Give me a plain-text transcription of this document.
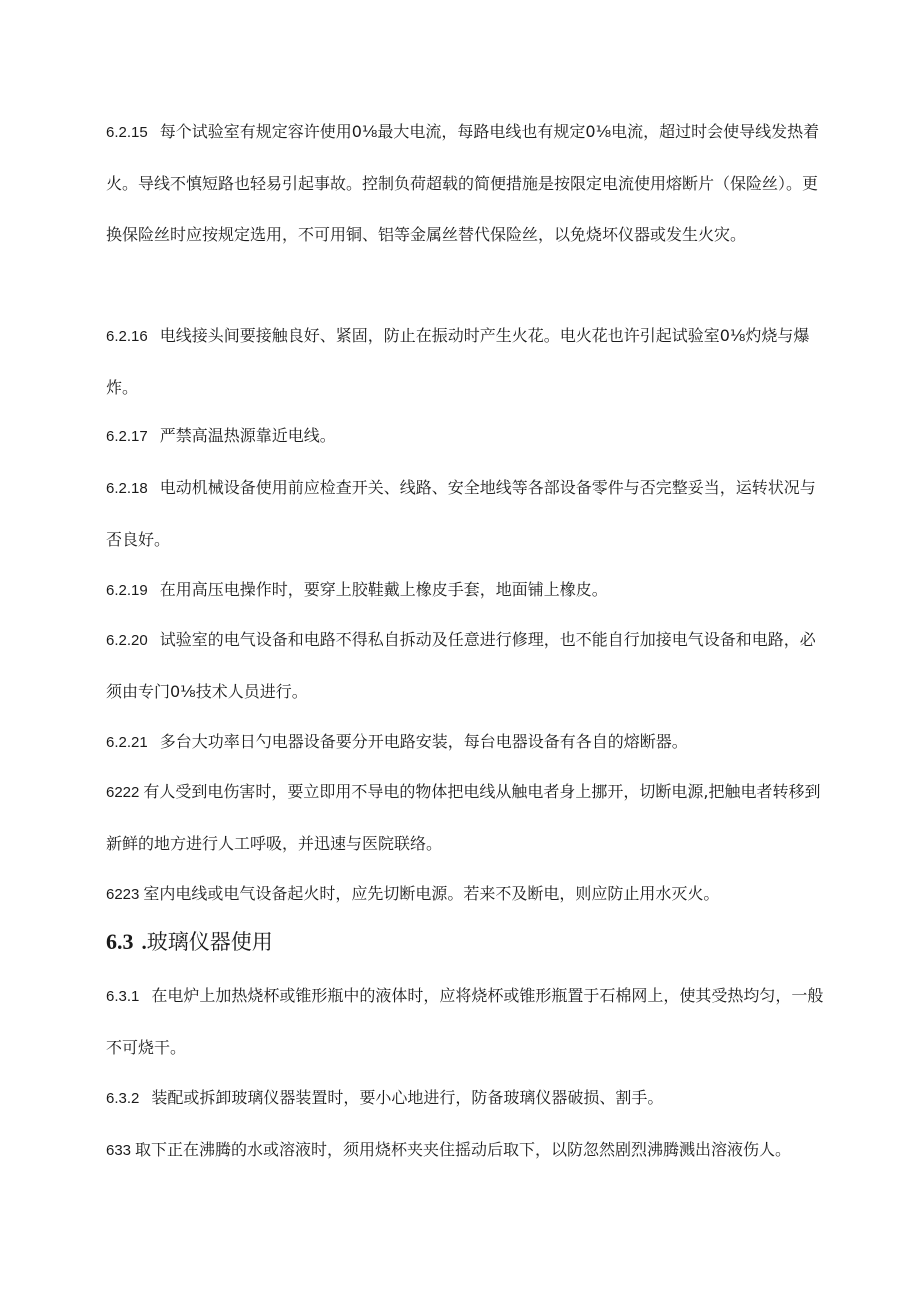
6.2.15 每个试验室有规定容许使用0⅛最大电流，每路电线也有规定0⅛电流，超过时会使导线发热着火。导线不慎短路也轻易引起事故。控制负荷超载的简便措施是按限定电流使用熔断片（保险丝）。更换保险丝时应按规定选用，不可用铜、铝等金属丝替代保险丝，以免烧坏仪器或发生火灾。

6.2.16 电线接头间要接触良好、紧固，防止在振动时产生火花。电火花也许引起试验室0⅛灼烧与爆炸。

6.2.17 严禁高温热源靠近电线。

6.2.18 电动机械设备使用前应检查开关、线路、安全地线等各部设备零件与否完整妥当，运转状况与否良好。

6.2.19 在用高压电操作时，要穿上胶鞋戴上橡皮手套，地面铺上橡皮。

6.2.20 试验室的电气设备和电路不得私自拆动及任意进行修理，也不能自行加接电气设备和电路，必须由专门0⅛技术人员进行。

6.2.21 多台大功率日勺电器设备要分开电路安装，每台电器设备有各自的熔断器。

6222 有人受到电伤害时，要立即用不导电的物体把电线从触电者身上挪开，切断电源,把触电者转移到新鲜的地方进行人工呼吸，并迅速与医院联络。

6223 室内电线或电气设备起火时，应先切断电源。若来不及断电，则应防止用水灭火。

6.3 .玻璃仪器使用

6.3.1 在电炉上加热烧杯或锥形瓶中的液体时，应将烧杯或锥形瓶置于石棉网上，使其受热均匀，一般不可烧干。

6.3.2 装配或拆卸玻璃仪器装置时，要小心地进行，防备玻璃仪器破损、割手。

633 取下正在沸腾的水或溶液时，须用烧杯夹夹住摇动后取下，以防忽然剧烈沸腾溅出溶液伤人。
